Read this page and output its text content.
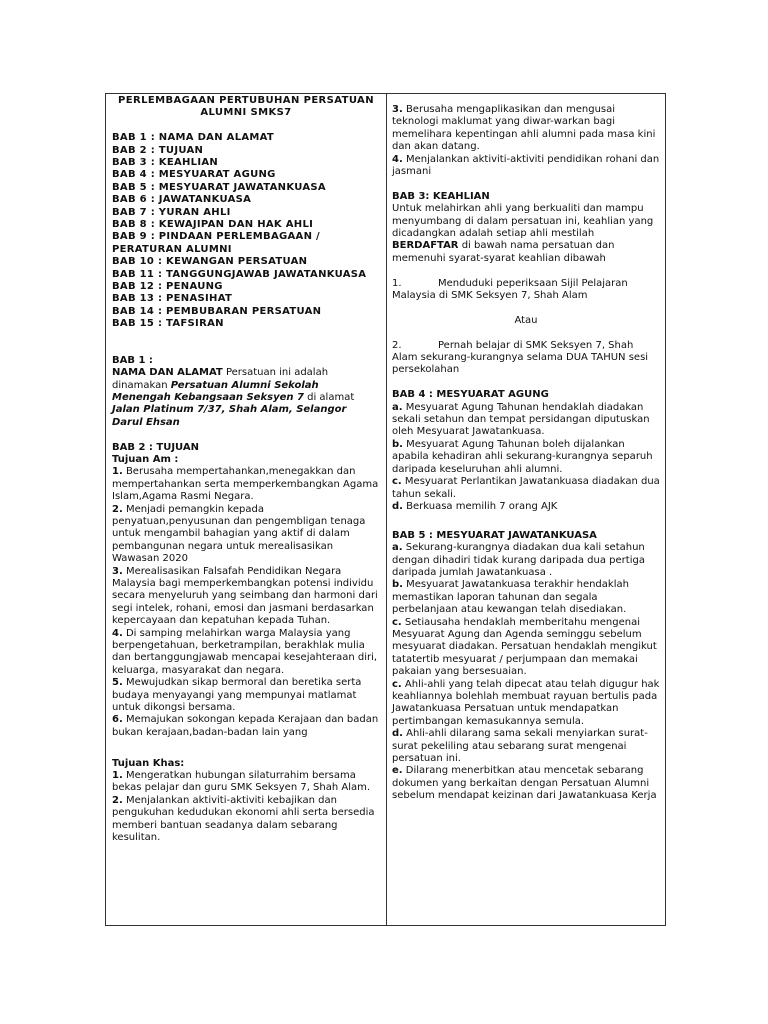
PERLEMBAGAAN PERTUBUHAN PERSATUAN ALUMNI SMKS7

BAB 1 : NAMA DAN ALAMAT

BAB 2 : TUJUAN

BAB 3 : KEAHLIAN

BAB 4 : MESYUARAT AGUNG

BAB 5 : MESYUARAT JAWATANKUASA

BAB 6 : JAWATANKUASA

BAB 7 : YURAN AHLI

BAB 8 : KEWAJIPAN DAN HAK AHLI

BAB 9 : PINDAAN PERLEMBAGAAN / PERATURAN ALUMNI

BAB 10 : KEWANGAN PERSATUAN

BAB 11 : TANGGUNGJAWAB JAWATANKUASA

BAB 12 : PENAUNG

BAB 13 : PENASIHAT

BAB 14 : PEMBUBARAN PERSATUAN

BAB 15 : TAFSIRAN

BAB 1 :

NAMA DAN ALAMAT Persatuan ini adalah dinamakan Persatuan Alumni Sekolah Menengah Kebangsaan Seksyen 7 di alamat Jalan Platinum 7/37, Shah Alam, Selangor Darul Ehsan

BAB 2 : TUJUAN

Tujuan Am :

1. Berusaha mempertahankan,menegakkan dan mempertahankan serta memperkembangkan Agama Islam,Agama Rasmi Negara.

2. Menjadi pemangkin kepada penyatuan,penyusunan dan pengembligan tenaga untuk mengambil bahagian yang aktif di dalam pembangunan negara untuk merealisasikan Wawasan 2020

3. Merealisasikan Falsafah Pendidikan Negara Malaysia bagi memperkembangkan potensi individu secara menyeluruh yang seimbang dan harmoni dari segi intelek, rohani, emosi dan jasmani berdasarkan kepercayaan dan kepatuhan kepada Tuhan.

4. Di samping melahirkan warga Malaysia yang berpengetahuan, berketrampilan, berakhlak mulia dan bertanggungjawab mencapai kesejahteraan diri, keluarga, masyarakat dan negara.

5. Mewujudkan sikap bermoral dan beretika serta budaya menyayangi yang mempunyai matlamat untuk dikongsi bersama.

6. Memajukan sokongan kepada Kerajaan dan badan bukan kerajaan,badan-badan lain yang

Tujuan Khas:

1. Mengeratkan hubungan silaturrahim bersama bekas pelajar dan guru SMK Seksyen 7, Shah Alam.

2. Menjalankan aktiviti-aktiviti kebajikan dan pengukuhan kedudukan ekonomi ahli serta bersedia memberi bantuan seadanya dalam sebarang kesulitan.

3. Berusaha mengaplikasikan dan mengusai teknologi maklumat yang diwar-warkan bagi memelihara kepentingan ahli alumni pada masa kini dan akan datang.

4. Menjalankan aktiviti-aktiviti pendidikan rohani dan jasmani

BAB 3: KEAHLIAN

Untuk melahirkan ahli yang berkualiti dan mampu menyumbang di dalam persatuan ini, keahlian yang dicadangkan adalah setiap ahli mestilah BERDAFTAR di bawah nama persatuan dan memenuhi syarat-syarat keahlian dibawah

1.	Menduduki peperiksaan Sijil Pelajaran Malaysia di SMK Seksyen 7, Shah Alam

Atau

2.	Pernah belajar di SMK Seksyen 7, Shah Alam sekurang-kurangnya selama DUA TAHUN sesi persekolahan

BAB 4 : MESYUARAT AGUNG

a. Mesyuarat Agung Tahunan hendaklah diadakan sekali setahun dan tempat persidangan diputuskan oleh Mesyuarat Jawatankuasa.

b. Mesyuarat Agung Tahunan boleh dijalankan apabila kehadiran ahli sekurang-kurangnya separuh daripada keseluruhan ahli alumni.

c. Mesyuarat Perlantikan Jawatankuasa diadakan dua tahun sekali.

d. Berkuasa memilih 7 orang AJK

BAB 5 : MESYUARAT JAWATANKUASA

a. Sekurang-kurangnya diadakan dua kali setahun dengan dihadiri tidak kurang daripada dua pertiga daripada jumlah Jawatankuasa .

b. Mesyuarat Jawatankuasa terakhir hendaklah memastikan laporan tahunan dan segala perbelanjaan atau kewangan telah disediakan.

c. Setiausaha hendaklah memberitahu mengenai Mesyuarat Agung dan Agenda seminggu sebelum mesyuarat diadakan. Persatuan hendaklah mengikut tatatertib mesyuarat / perjumpaan dan memakai pakaian yang bersesuaian.

c. Ahli-ahli yang telah dipecat atau telah digugur hak keahliannya bolehlah membuat rayuan bertulis pada Jawatankuasa Persatuan untuk mendapatkan pertimbangan kemasukannya semula.

d. Ahli-ahli dilarang sama sekali menyiarkan surat-surat pekeliling atau sebarang surat mengenai persatuan ini.

e. Dilarang menerbitkan atau mencetak sebarang dokumen yang berkaitan dengan Persatuan Alumni sebelum mendapat keizinan dari Jawatankuasa Kerja
